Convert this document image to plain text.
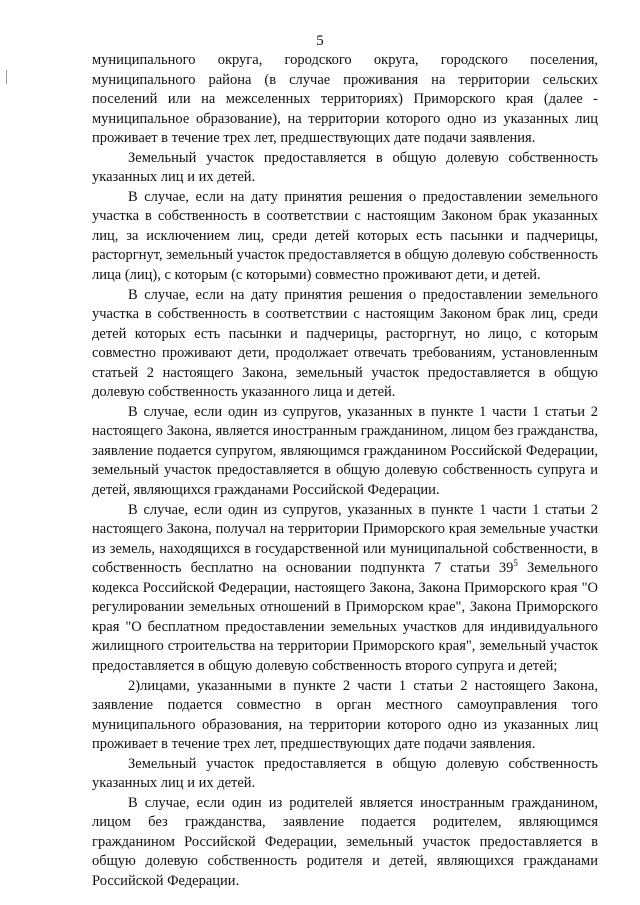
5

муниципального округа, городского округа, городского поселения, муниципального района (в случае проживания на территории сельских поселений или на межселенных территориях) Приморского края (далее - муниципальное образование), на территории которого одно из указанных лиц проживает в течение трех лет, предшествующих дате подачи заявления.

Земельный участок предоставляется в общую долевую собственность указанных лиц и их детей.

В случае, если на дату принятия решения о предоставлении земельного участка в собственность в соответствии с настоящим Законом брак указанных лиц, за исключением лиц, среди детей которых есть пасынки и падчерицы, расторгнут, земельный участок предоставляется в общую долевую собственность лица (лиц), с которым (с которыми) совместно проживают дети, и детей.

В случае, если на дату принятия решения о предоставлении земельного участка в собственность в соответствии с настоящим Законом брак лиц, среди детей которых есть пасынки и падчерицы, расторгнут, но лицо, с которым совместно проживают дети, продолжает отвечать требованиям, установленным статьей 2 настоящего Закона, земельный участок предоставляется в общую долевую собственность указанного лица и детей.

В случае, если один из супругов, указанных в пункте 1 части 1 статьи 2 настоящего Закона, является иностранным гражданином, лицом без гражданства, заявление подается супругом, являющимся гражданином Российской Федерации, земельный участок предоставляется в общую долевую собственность супруга и детей, являющихся гражданами Российской Федерации.

В случае, если один из супругов, указанных в пункте 1 части 1 статьи 2 настоящего Закона, получал на территории Приморского края земельные участки из земель, находящихся в государственной или муниципальной собственности, в собственность бесплатно на основании подпункта 7 статьи $39^5$ Земельного кодекса Российской Федерации, настоящего Закона, Закона Приморского края "О регулировании земельных отношений в Приморском крае", Закона Приморского края "О бесплатном предоставлении земельных участков для индивидуального жилищного строительства на территории Приморского края", земельный участок предоставляется в общую долевую собственность второго супруга и детей;

2)лицами, указанными в пункте 2 части 1 статьи 2 настоящего Закона, заявление подается совместно в орган местного самоуправления того муниципального образования, на территории которого одно из указанных лиц проживает в течение трех лет, предшествующих дате подачи заявления.

Земельный участок предоставляется в общую долевую собственность указанных лиц и их детей.

В случае, если один из родителей является иностранным гражданином, лицом без гражданства, заявление подается родителем, являющимся гражданином Российской Федерации, земельный участок предоставляется в общую долевую собственность родителя и детей, являющихся гражданами Российской Федерации.
